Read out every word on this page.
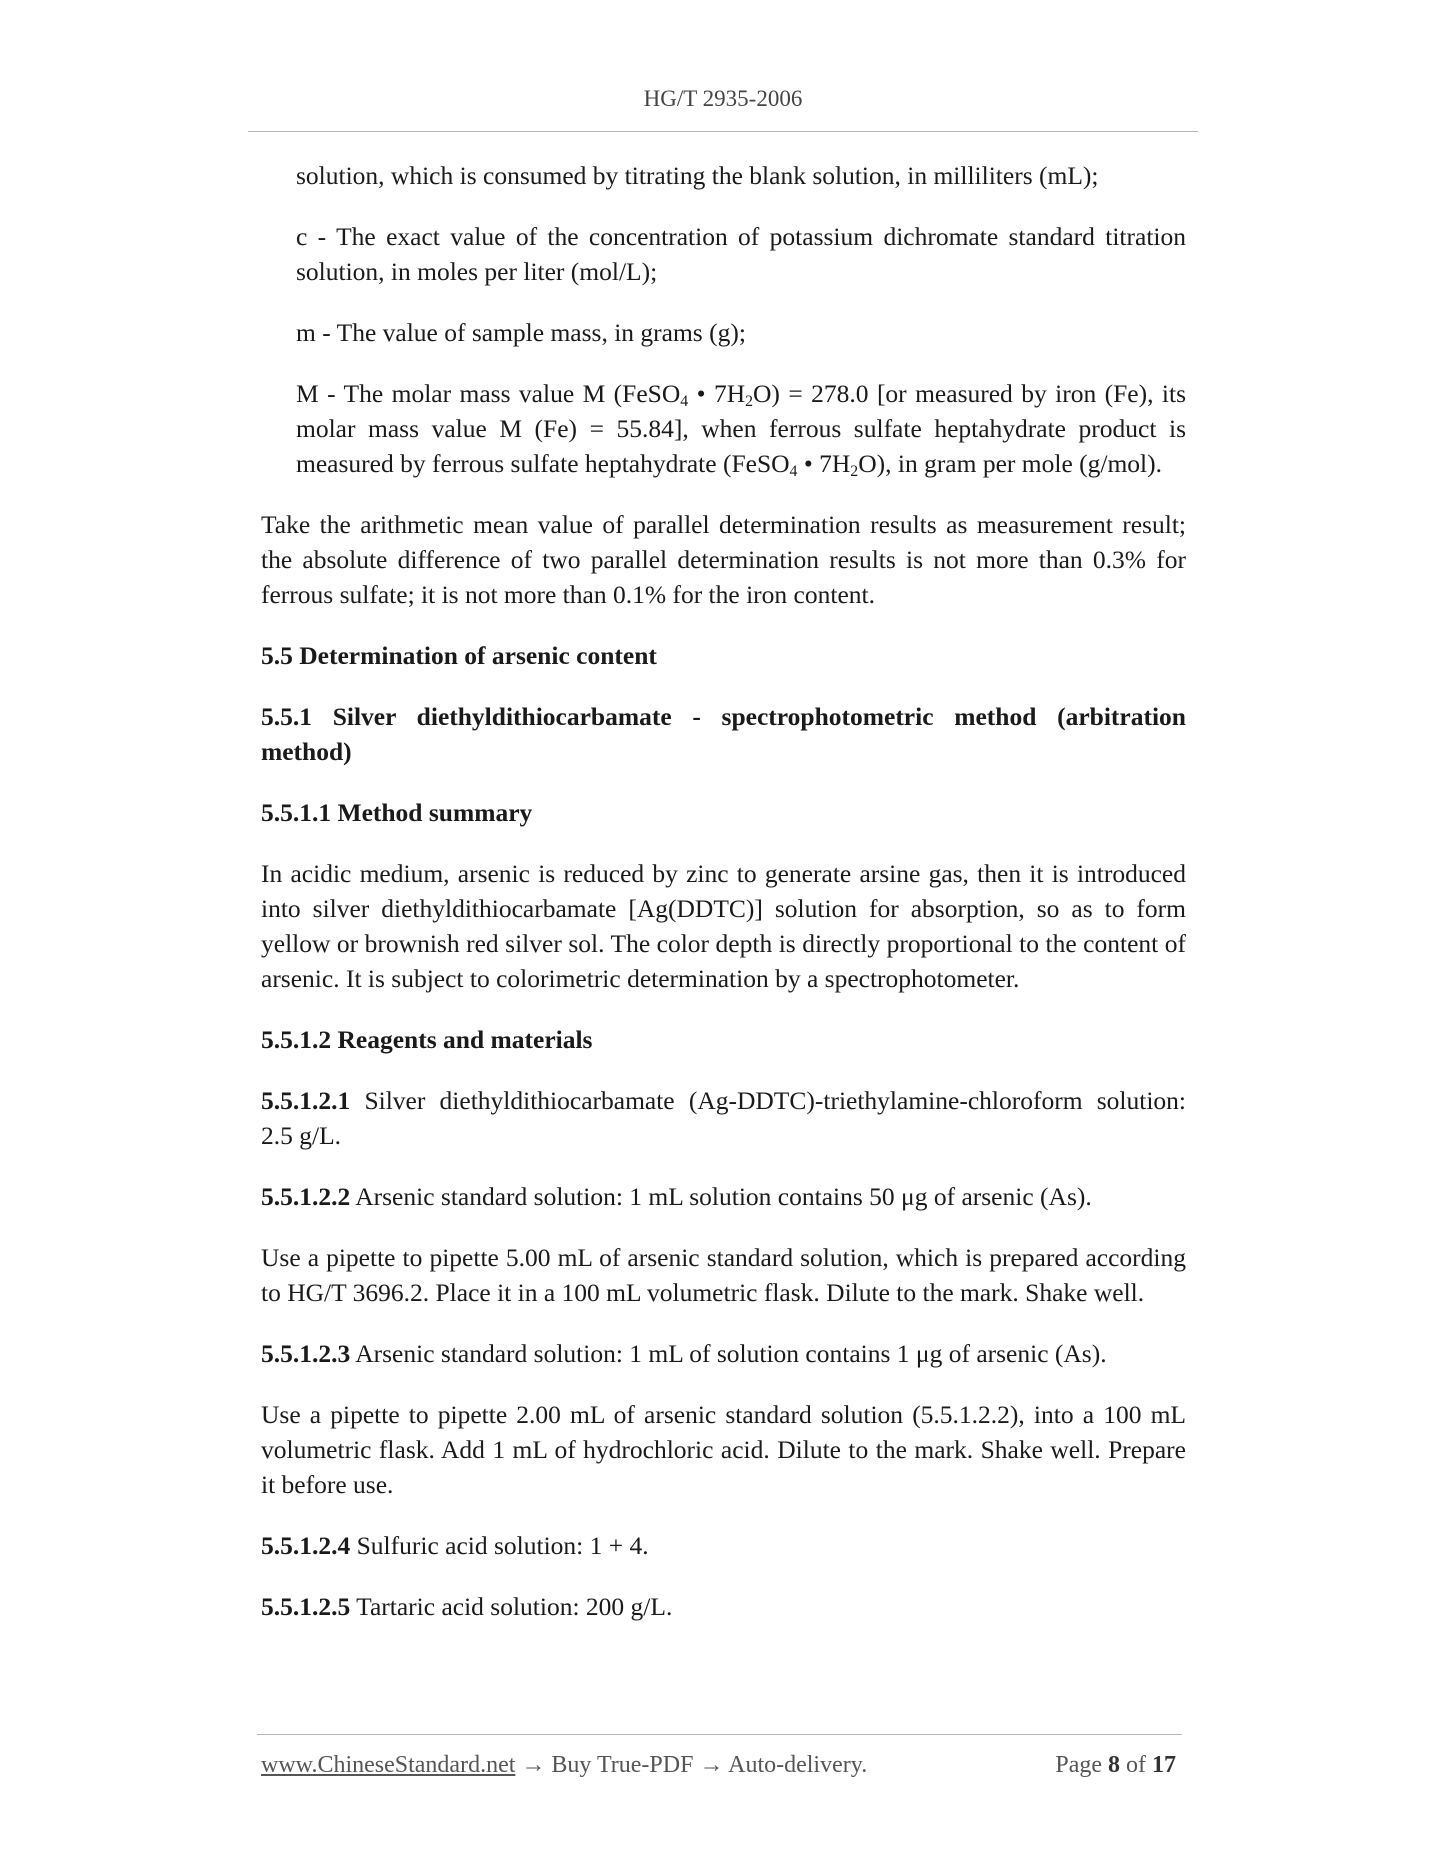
HG/T 2935-2006

solution, which is consumed by titrating the blank solution, in milliliters (mL);

c - The exact value of the concentration of potassium dichromate standard titration solution, in moles per liter (mol/L);

m - The value of sample mass, in grams (g);

M - The molar mass value M (FeSO$_4$ • $7H_2O) = 278.0$ [or measured by iron (Fe), its molar mass value M (Fe) = 55.84], when ferrous sulfate heptahydrate product is measured by ferrous sulfate heptahydrate (FeSO$_4$ • $7H_2O$), in gram per mole (g/mol).

Take the arithmetic mean value of parallel determination results as measurement result; the absolute difference of two parallel determination results is not more than 0.3% for ferrous sulfate; it is not more than 0.1% for the iron content.

5.5 Determination of arsenic content

5.5.1 Silver diethyldithiocarbamate - spectrophotometric method (arbitration method)

5.5.1.1 Method summary

In acidic medium, arsenic is reduced by zinc to generate arsine gas, then it is introduced into silver diethyldithiocarbamate [Ag(DDTC)] solution for absorption, so as to form yellow or brownish red silver sol. The color depth is directly proportional to the content of arsenic. It is subject to colorimetric determination by a spectrophotometer.

5.5.1.2 Reagents and materials

5.5.1.2.1 Silver diethyldithiocarbamate (Ag-DDTC)-triethylamine-chloroform solution: 2.5 g/L.

5.5.1.2.2 Arsenic standard solution: 1 mL solution contains 50 μg of arsenic (As).

Use a pipette to pipette 5.00 mL of arsenic standard solution, which is prepared according to HG/T 3696.2. Place it in a 100 mL volumetric flask. Dilute to the mark. Shake well.

5.5.1.2.3 Arsenic standard solution: 1 mL of solution contains 1 μg of arsenic (As).

Use a pipette to pipette 2.00 mL of arsenic standard solution (5.5.1.2.2), into a 100 mL volumetric flask. Add 1 mL of hydrochloric acid. Dilute to the mark. Shake well. Prepare it before use.

5.5.1.2.4 Sulfuric acid solution: 1 + 4.

5.5.1.2.5 Tartaric acid solution: 200 g/L.

www.ChineseStandard.net → Buy True-PDF → Auto-delivery.	Page 8 of 17
